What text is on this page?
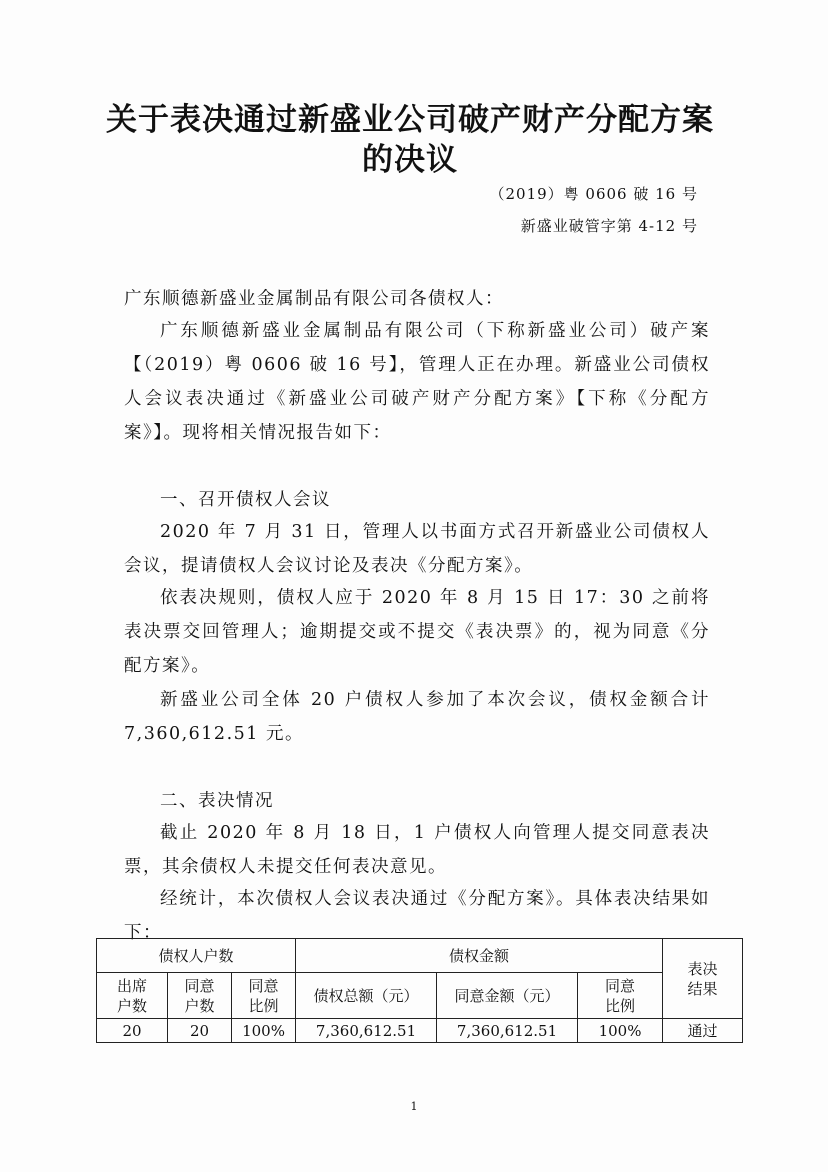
关于表决通过新盛业公司破产财产分配方案的决议
（2019）粤 0606 破 16 号
新盛业破管字第 4-12 号
广东顺德新盛业金属制品有限公司各债权人：
广东顺德新盛业金属制品有限公司（下称新盛业公司）破产案【（2019）粤 0606 破 16 号】，管理人正在办理。新盛业公司债权人会议表决通过《新盛业公司破产财产分配方案》【下称《分配方案》】。现将相关情况报告如下：
一、召开债权人会议
2020 年 7 月 31 日，管理人以书面方式召开新盛业公司债权人会议，提请债权人会议讨论及表决《分配方案》。
依表决规则，债权人应于 2020 年 8 月 15 日 17：30 之前将表决票交回管理人；逾期提交或不提交《表决票》的，视为同意《分配方案》。
新盛业公司全体 20 户债权人参加了本次会议，债权金额合计 7,360,612.51 元。
二、表决情况
截止 2020 年 8 月 18 日，1 户债权人向管理人提交同意表决票，其余债权人未提交任何表决意见。
经统计，本次债权人会议表决通过《分配方案》。具体表决结果如下：
债权人户数			债权金额			表决结果

出席户数	同意户数	同意比例	债权总额（元）	同意金额（元）	同意比例	

20	20	100%	7,360,612.51	7,360,612.51	100%	通过
1
